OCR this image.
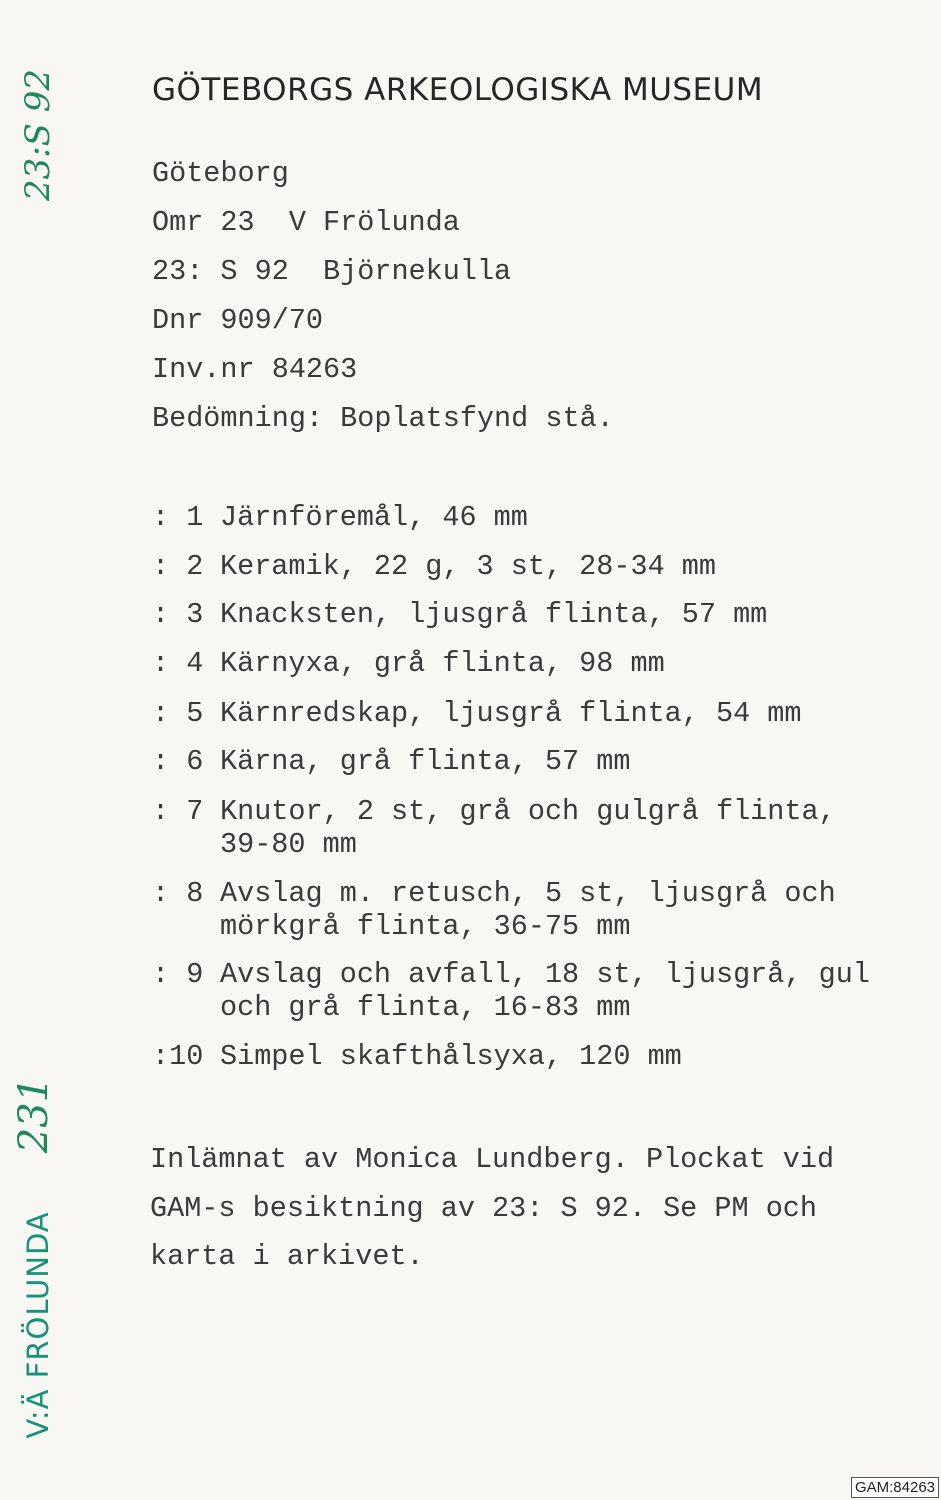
GÖTEBORGS ARKEOLOGISKA MUSEUM
Göteborg
Omr 23  V Frölunda
23: S 92  Björnekulla
Dnr 909/70
Inv.nr 84263
Bedömning: Boplatsfynd stå.
: 1 Järnföremål, 46 mm
: 2 Keramik, 22 g, 3 st, 28-34 mm
: 3 Knacksten, ljusgrå flinta, 57 mm
: 4 Kärnyxa, grå flinta, 98 mm
: 5 Kärnredskap, ljusgrå flinta, 54 mm
: 6 Kärna, grå flinta, 57 mm
: 7 Knutor, 2 st, grå och gulgrå flinta,
39-80 mm
: 8 Avslag m. retusch, 5 st, ljusgrå och
mörkgrå flinta, 36-75 mm
: 9 Avslag och avfall, 18 st, ljusgrå, gul
och grå flinta, 16-83 mm
:10 Simpel skafthålsyxa, 120 mm
Inlämnat av Monica Lundberg. Plockat vid
GAM-s besiktning av 23: S 92. Se PM och
karta i arkivet.
23:S 92
231
V:Ä FRÖLUNDA
GAM:84263
